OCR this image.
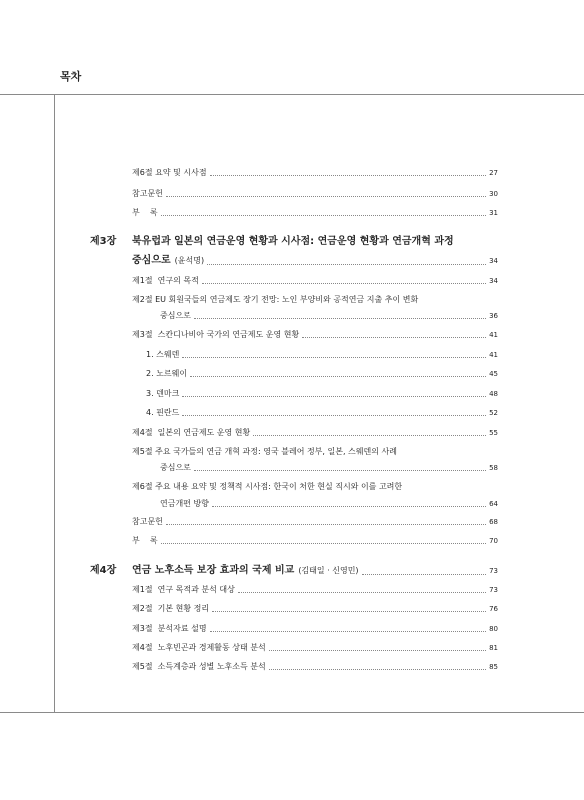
목차
제6절 요약 및 시사점	27
참고문헌	30
부    록	31
제3장 북유럽과 일본의 연금운영 현황과 시사점: 연금운영 현황과 연금개혁 과정
중심으로 (윤석명)	34
제1절  연구의 목적	34
제2절 EU 회원국들의 연금제도 장기 전망: 노인 부양비와 공적연금 지출 추이 변화
중심으로	36
제3절  스칸디나비아 국가의 연금제도 운영 현황	41
1. 스웨덴	41
2. 노르웨이	45
3. 덴마크	48
4. 핀란드	52
제4절  일본의 연금제도 운영 현황	55
제5절 주요 국가들의 연금 개혁 과정: 영국 블레어 정부, 일본, 스웨덴의 사례
중심으로	58
제6절 주요 내용 요약 및 정책적 시사점: 한국이 처한 현실 직시와 이를 고려한
연금개편 방향	64
참고문헌	68
부    록	70
제4장 연금 노후소득 보장 효과의 국제 비교 (김태일 · 신영민)	73
제1절  연구 목적과 분석 대상	73
제2절  기본 현황 정리	76
제3절  분석자료 설명	80
제4절  노후빈곤과 경제활동 상태 분석	81
제5절  소득계층과 성별 노후소득 분석	85
